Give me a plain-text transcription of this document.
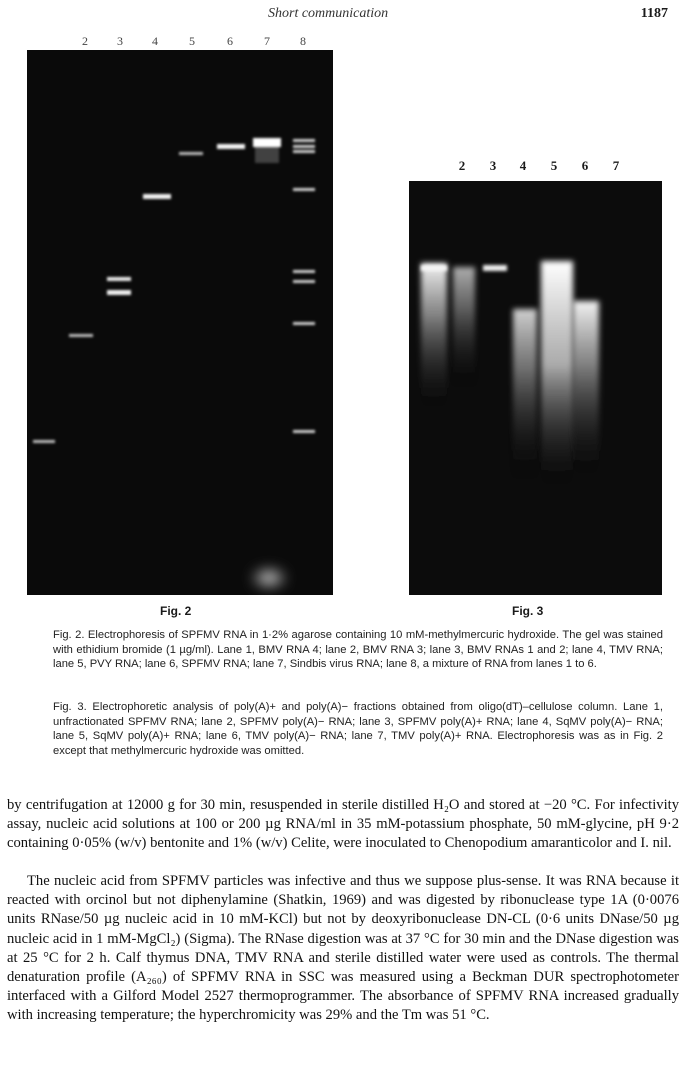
Short communication	1187
2 3 4	5	6	7	8
2 3 4 5 6 7
Fig. 2	Fig. 3

Fig. 2. Electrophoresis of SPFMV RNA in 1·2% agarose containing 10 mM-methylmercuric hydroxide. The gel was stained with ethidium bromide (1 µg/ml). Lane 1, BMV RNA 4; lane 2, BMV RNA 3; lane 3, BMV RNAs 1 and 2; lane 4, TMV RNA; lane 5, PVY RNA; lane 6, SPFMV RNA; lane 7, Sindbis virus RNA; lane 8, a mixture of RNA from lanes 1 to 6.

Fig. 3. Electrophoretic analysis of poly(A)+ and poly(A)− fractions obtained from oligo(dT)–cellulose column. Lane 1, unfractionated SPFMV RNA; lane 2, SPFMV poly(A)− RNA; lane 3, SPFMV poly(A)+ RNA; lane 4, SqMV poly(A)− RNA; lane 5, SqMV poly(A)+ RNA; lane 6, TMV poly(A)− RNA; lane 7, TMV poly(A)+ RNA. Electrophoresis was as in Fig. 2 except that methylmercuric hydroxide was omitted.

by centrifugation at 12000 g for 30 min, resuspended in sterile distilled H₂O and stored at −20 °C. For infectivity assay, nucleic acid solutions at 100 or 200 µg RNA/ml in 35 mM-potassium phosphate, 50 mM-glycine, pH 9·2 containing 0·05% (w/v) bentonite and 1% (w/v) Celite, were inoculated to Chenopodium amaranticolor and I. nil.

The nucleic acid from SPFMV particles was infective and thus we suppose plus-sense. It was RNA because it reacted with orcinol but not diphenylamine (Shatkin, 1969) and was digested by ribonuclease type 1A (0·0076 units RNase/50 µg nucleic acid in 10 mM-KCl) but not by deoxyribonuclease DN-CL (0·6 units DNase/50 µg nucleic acid in 1 mM-MgCl₂) (Sigma). The RNase digestion was at 37 °C for 30 min and the DNase digestion was at 25 °C for 2 h. Calf thymus DNA, TMV RNA and sterile distilled water were used as controls. The thermal denaturation profile (A₂₆₀) of SPFMV RNA in SSC was measured using a Beckman DUR spectrophotometer interfaced with a Gilford Model 2527 thermoprogrammer. The absorbance of SPFMV RNA increased gradually with increasing temperature; the hyperchromicity was 29% and the Tm was 51 °C.
